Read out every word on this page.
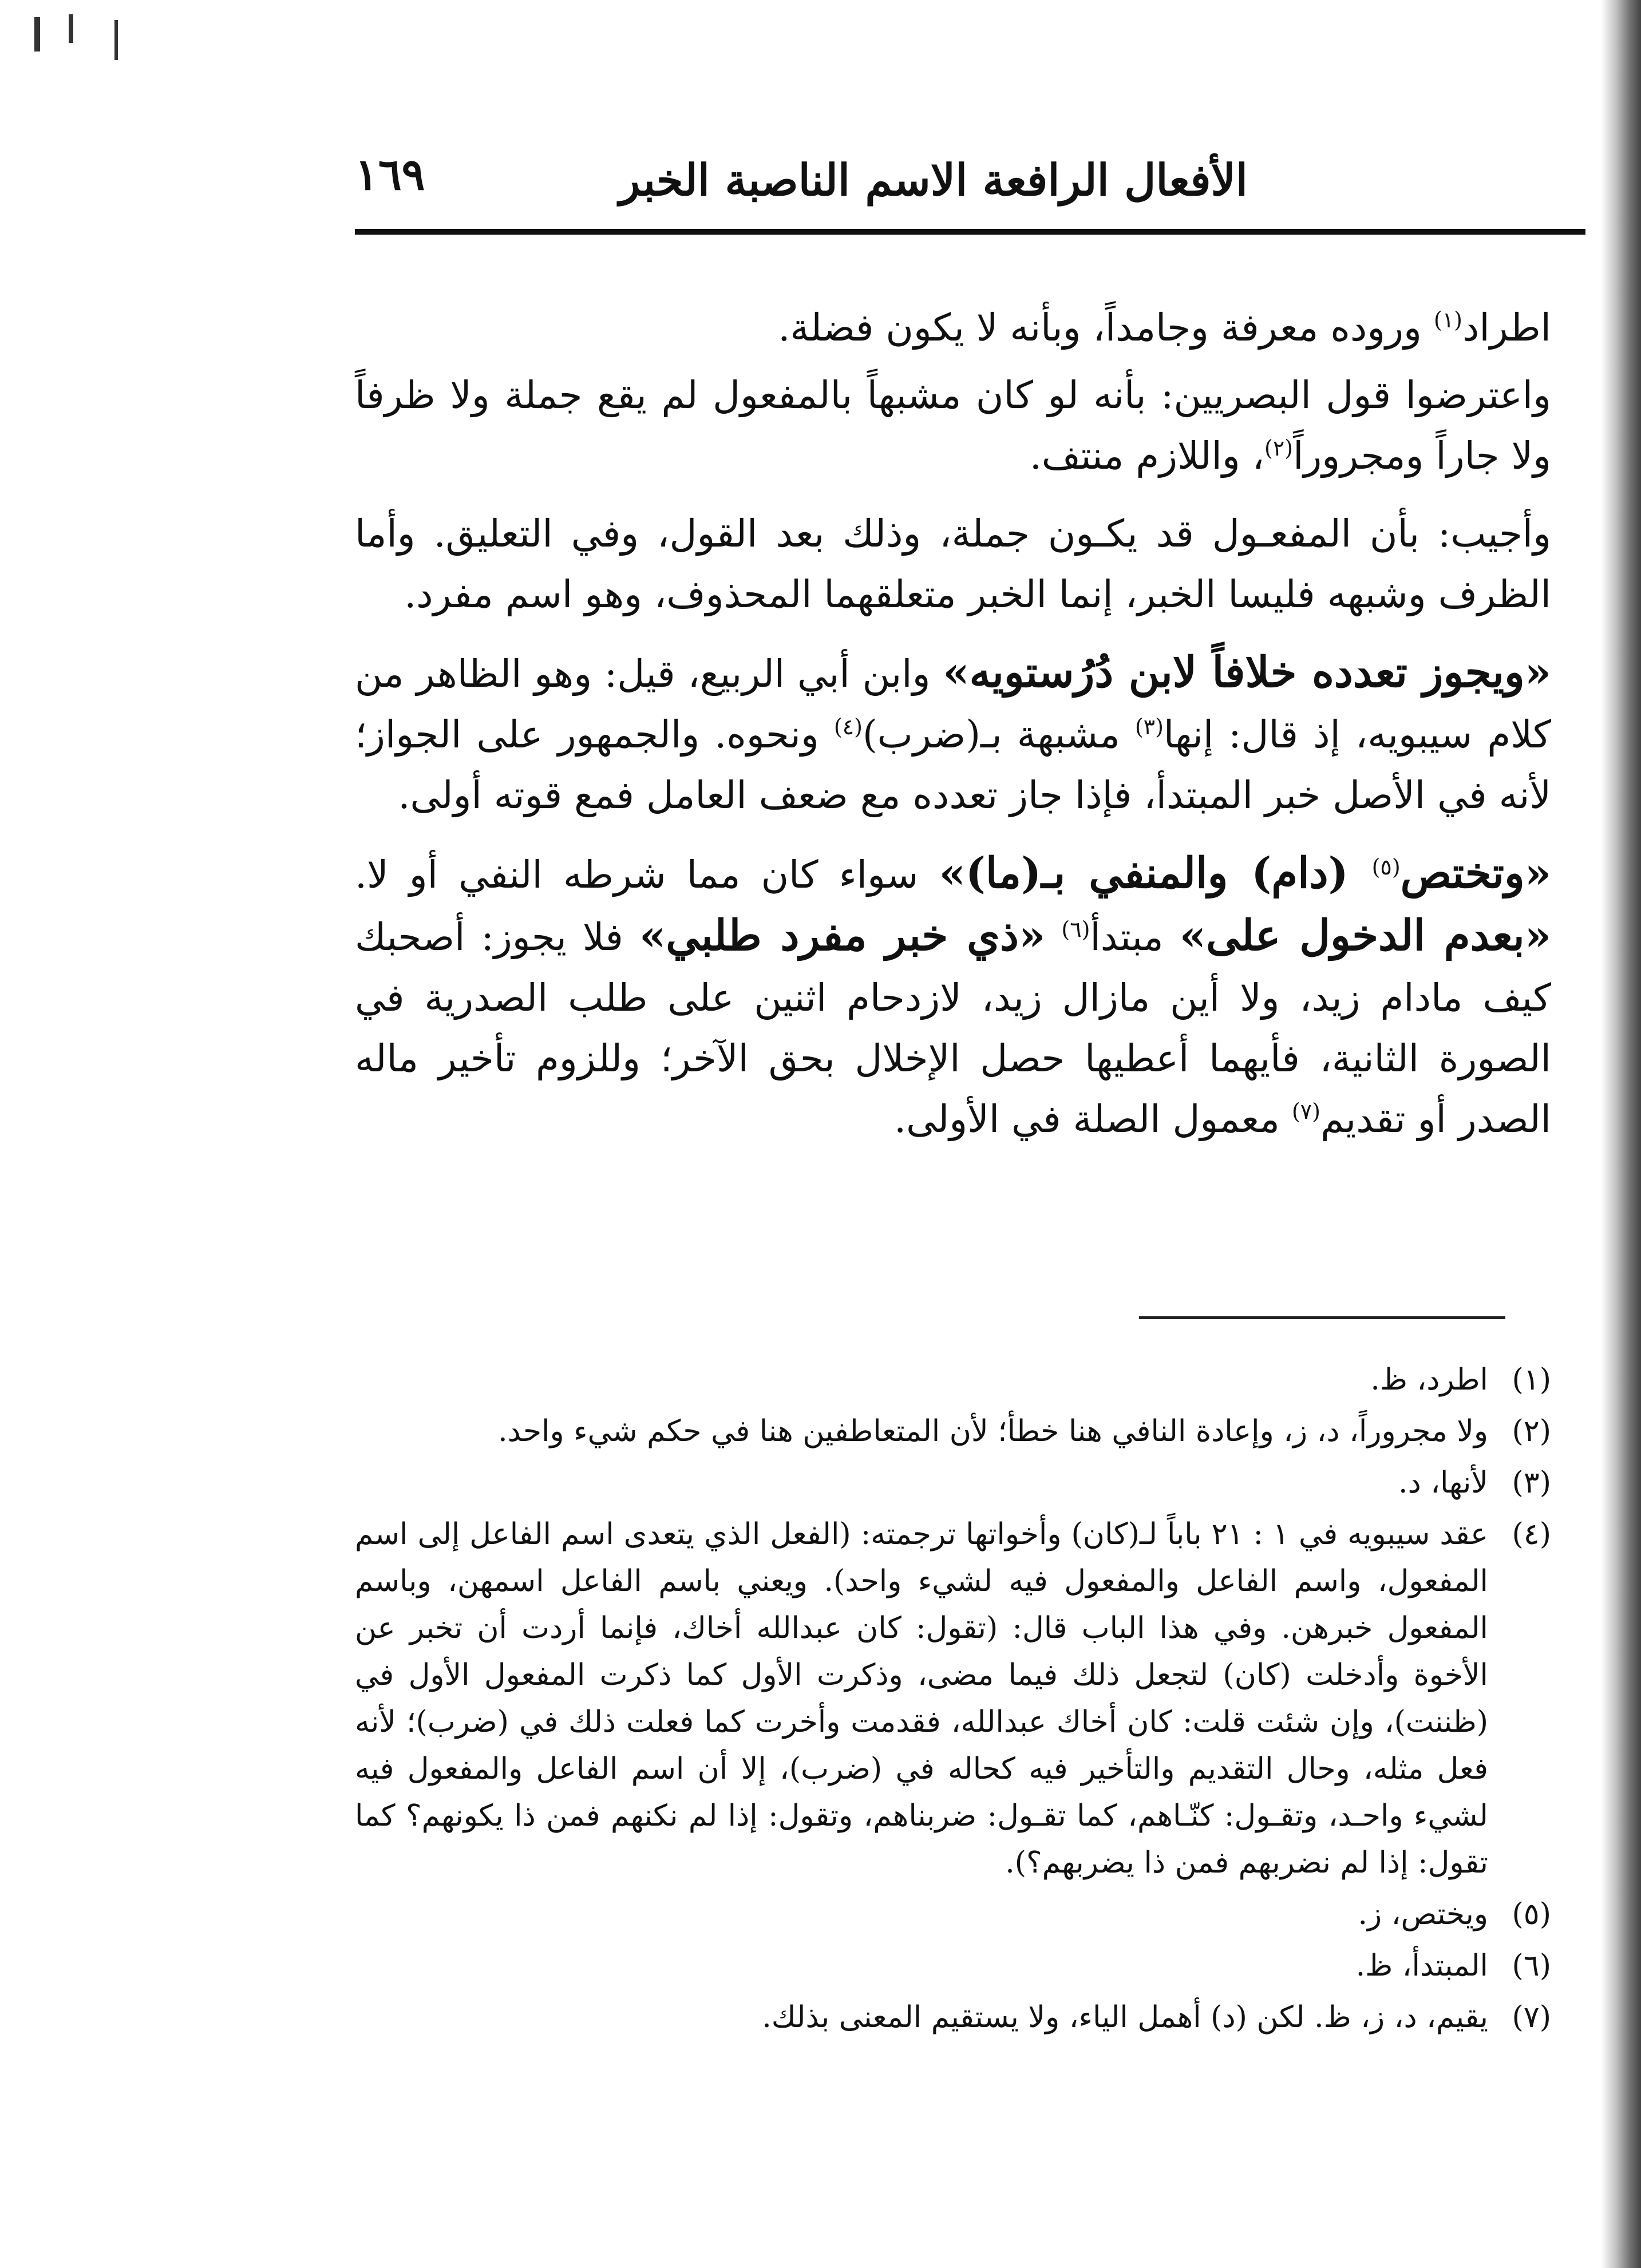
الأفعال الرافعة الاسم الناصبة الخبر
١٦٩

اطراد$^{(١)}$ وروده معرفة وجامداً، وبأنه لا يكون فضلة.

واعترضوا قول البصريين: بأنه لو كان مشبهاً بالمفعول لم يقع جملة ولا ظرفاً ولا جاراً ومجروراً$^{(٢)}$، واللازم منتف.

وأجيب: بأن المفعـول قد يكـون جملة، وذلك بعد القول، وفي التعليق. وأما الظرف وشبهه فليسا الخبر، إنما الخبر متعلقهما المحذوف، وهو اسم مفرد.

«ويجوز تعدده خلافاً لابن دُرُستويه» وابن أبي الربيع، قيل: وهو الظاهر من كلام سيبويه، إذ قال: إنها$^{(٣)}$ مشبهة بـ(ضرب)$^{(٤)}$ ونحوه. والجمهور على الجواز؛ لأنه في الأصل خبر المبتدأ، فإذا جاز تعدده مع ضعف العامل فمع قوته أولى.

«وتختص$^{(٥)}$ (دام) والمنفي بـ(ما)» سواء كان مما شرطه النفي أو لا. «بعدم الدخول على» مبتدأ$^{(٦)}$ «ذي خبر مفرد طلبي» فلا يجوز: أصحبك كيف مادام زيد، ولا أين مازال زيد، لازدحام اثنين على طلب الصدرية في الصورة الثانية، فأيهما أعطيها حصل الإخلال بحق الآخر؛ وللزوم تأخير ماله الصدر أو تقديم$^{(٧)}$ معمول الصلة في الأولى.

(١)
اطرد، ظ.
(٢)
ولا مجروراً، د، ز، وإعادة النافي هنا خطأ؛ لأن المتعاطفين هنا في حكم شيء واحد.
(٣)
لأنها، د.
(٤)
عقد سيبويه في ١ : ٢١ باباً لـ(كان) وأخواتها ترجمته: (الفعل الذي يتعدى اسم الفاعل إلى اسم المفعول، واسم الفاعل والمفعول فيه لشيء واحد). ويعني باسم الفاعل اسمهن، وباسم المفعول خبرهن. وفي هذا الباب قال: (تقول: كان عبدالله أخاك، فإنما أردت أن تخبر عن الأخوة وأدخلت (كان) لتجعل ذلك فيما مضى، وذكرت الأول كما ذكرت المفعول الأول في (ظننت)، وإن شئت قلت: كان أخاك عبدالله، فقدمت وأخرت كما فعلت ذلك في (ضرب)؛ لأنه فعل مثله، وحال التقديم والتأخير فيه كحاله في (ضرب)، إلا أن اسم الفاعل والمفعول فيه لشيء واحـد، وتقـول: كنّـاهم، كما تقـول: ضربناهم، وتقول: إذا لم نكنهم فمن ذا يكونهم؟ كما تقول: إذا لم نضربهم فمن ذا يضربهم؟).
(٥)
ويختص، ز.
(٦)
المبتدأ، ظ.
(٧)
يقيم، د، ز، ظ. لكن (د) أهمل الياء، ولا يستقيم المعنى بذلك.
